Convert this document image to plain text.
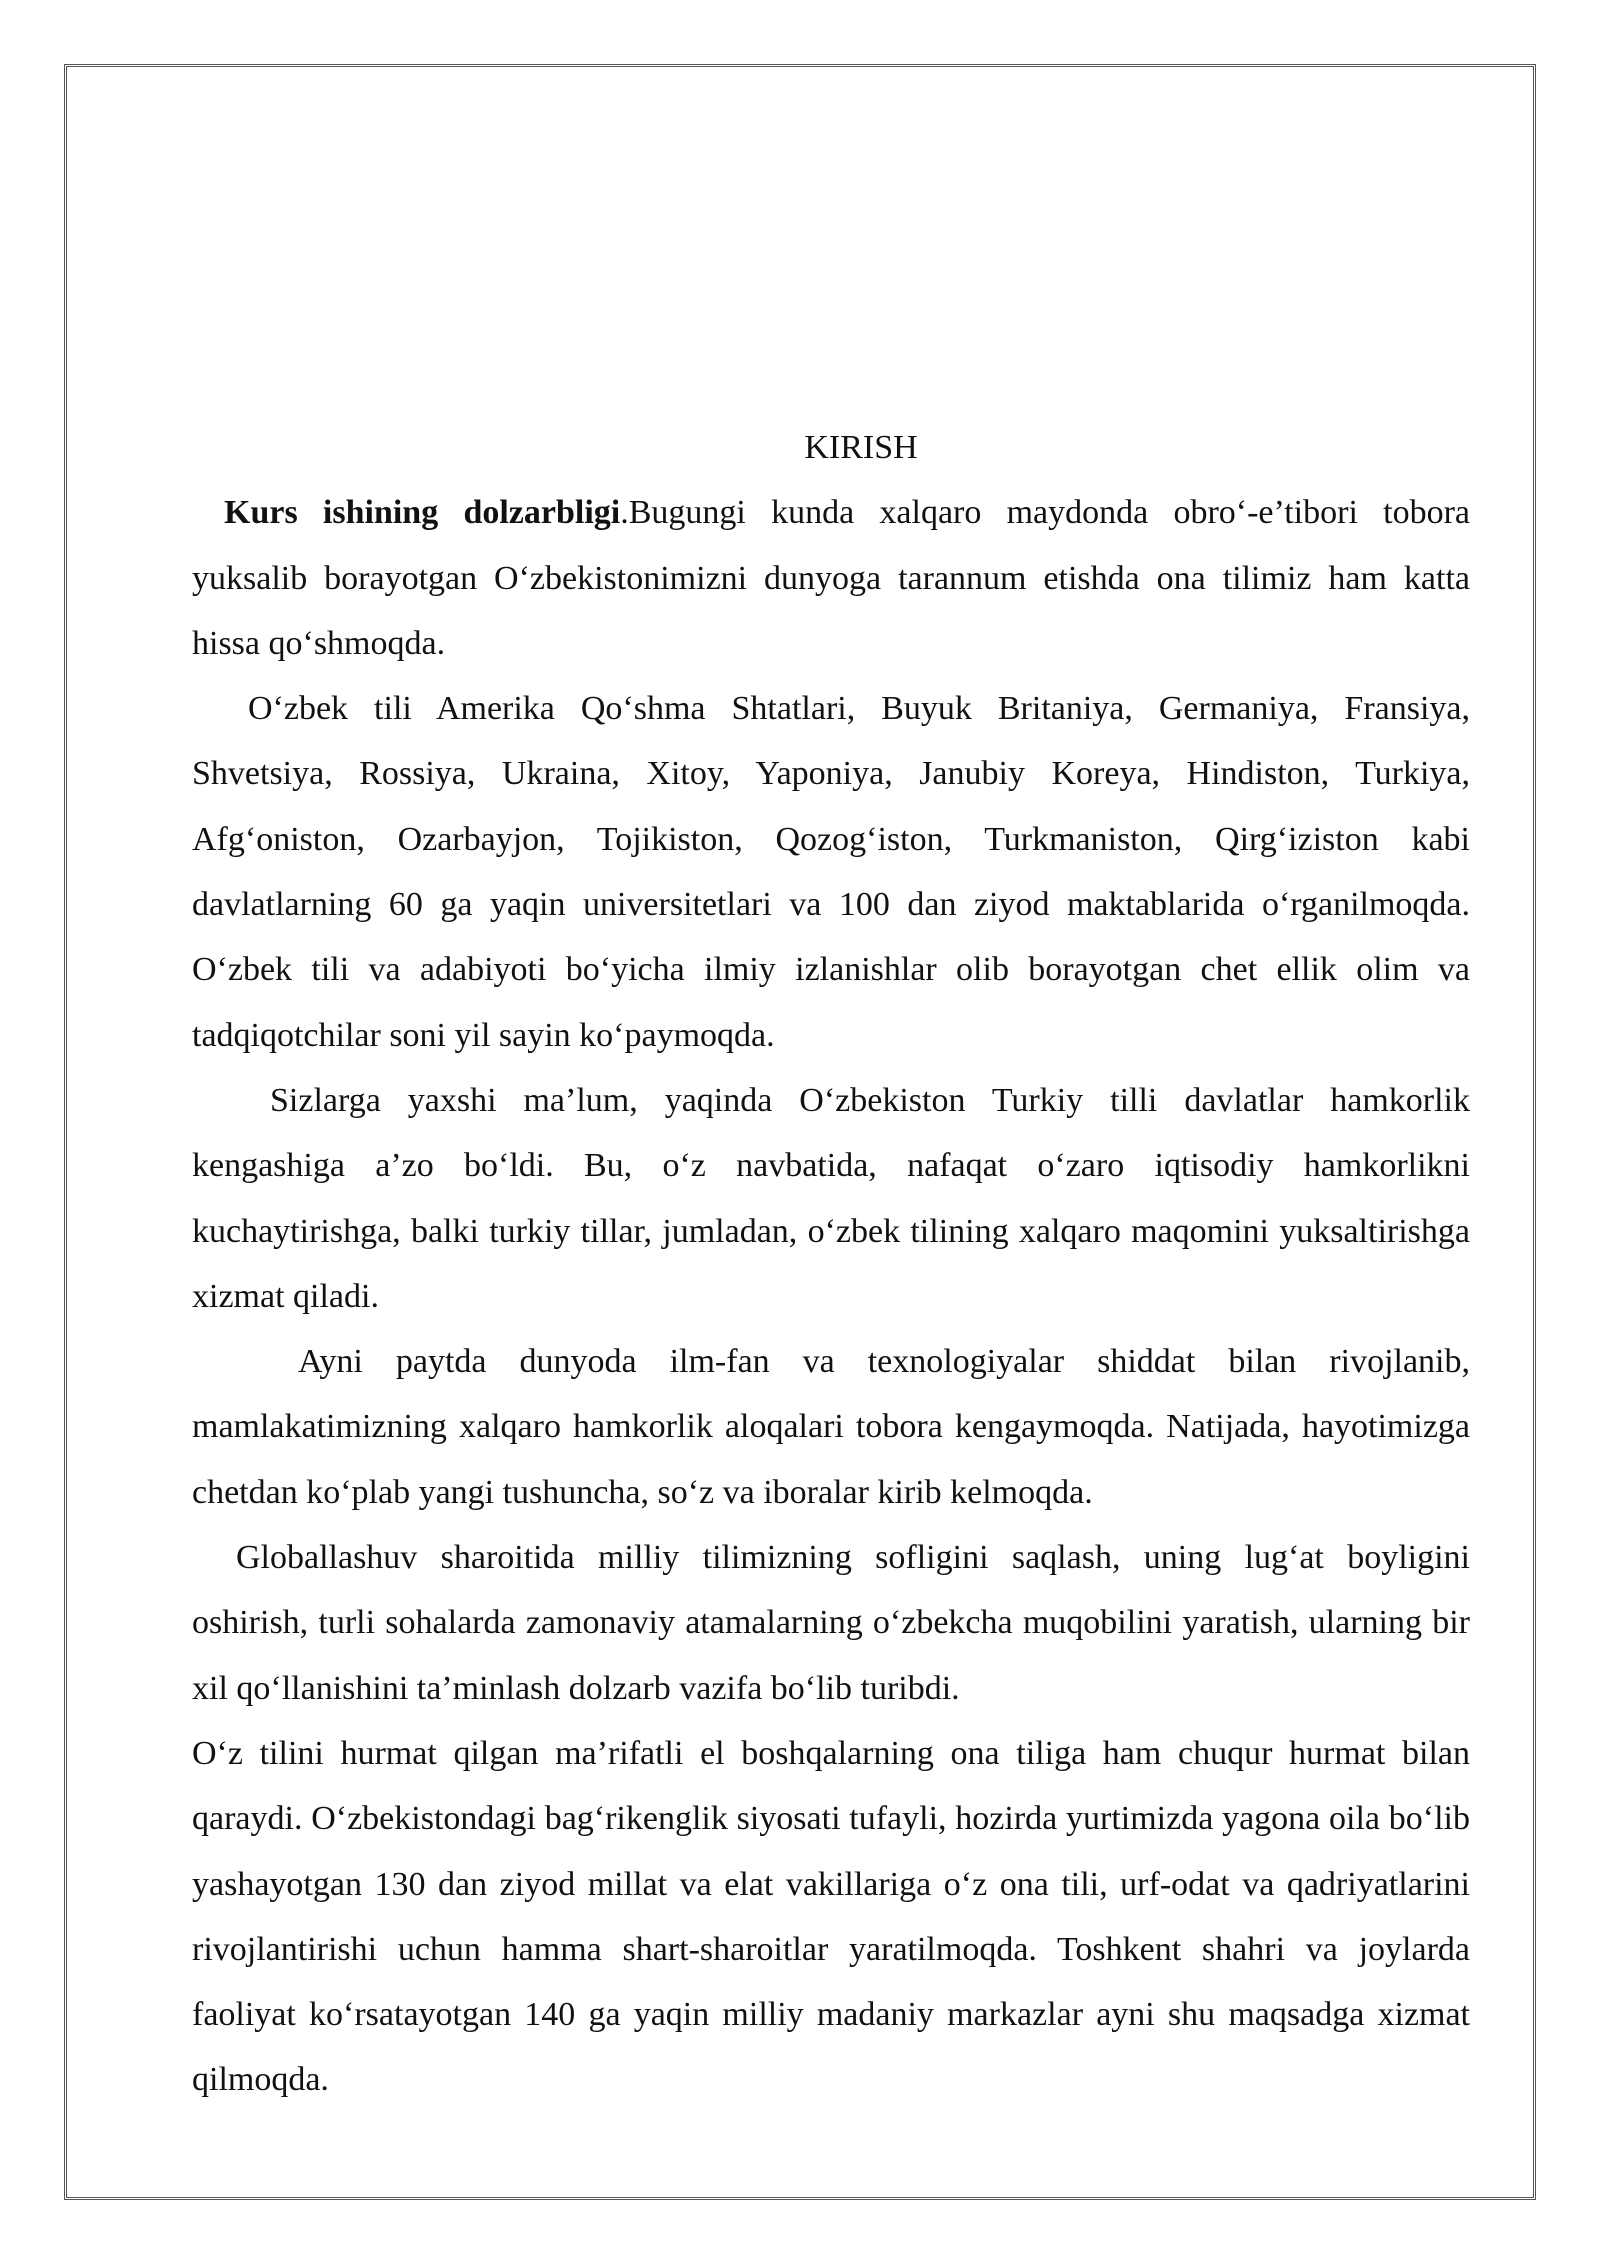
KIRISH

Kurs ishining dolzarbligi.Bugungi kunda xalqaro maydonda obro‘-e’tibori tobora yuksalib borayotgan O‘zbekistonimizni dunyoga tarannum etishda ona tilimiz ham katta hissa qo‘shmoqda.

O‘zbek tili Amerika Qo‘shma Shtatlari, Buyuk Britaniya, Germaniya, Fransiya, Shvetsiya, Rossiya, Ukraina, Xitoy, Yaponiya, Janubiy Koreya, Hindiston, Turkiya, Afg‘oniston, Ozarbayjon, Tojikiston, Qozog‘iston, Turkmaniston, Qirg‘iziston kabi davlatlarning 60 ga yaqin universitetlari va 100 dan ziyod maktablarida o‘rganilmoqda. O‘zbek tili va adabiyoti bo‘yicha ilmiy izlanishlar olib borayotgan chet ellik olim va tadqiqotchilar soni yil sayin ko‘paymoqda.

Sizlarga yaxshi ma’lum, yaqinda O‘zbekiston Turkiy tilli davlatlar hamkorlik kengashiga a’zo bo‘ldi. Bu, o‘z navbatida, nafaqat o‘zaro iqtisodiy hamkorlikni kuchaytirishga, balki turkiy tillar, jumladan, o‘zbek tilining xalqaro maqomini yuksaltirishga xizmat qiladi.

Ayni paytda dunyoda ilm-fan va texnologiyalar shiddat bilan rivojlanib, mamlakatimizning xalqaro hamkorlik aloqalari tobora kengaymoqda. Natijada, hayotimizga chetdan ko‘plab yangi tushuncha, so‘z va iboralar kirib kelmoqda.

Globallashuv sharoitida milliy tilimizning sofligini saqlash, uning lug‘at boyligini oshirish, turli sohalarda zamonaviy atamalarning o‘zbekcha muqobilini yaratish, ularning bir xil qo‘llanishini ta’minlash dolzarb vazifa bo‘lib turibdi.

O‘z tilini hurmat qilgan ma’rifatli el boshqalarning ona tiliga ham chuqur hurmat bilan qaraydi. O‘zbekistondagi bag‘rikenglik siyosati tufayli, hozirda yurtimizda yagona oila bo‘lib yashayotgan 130 dan ziyod millat va elat vakillariga o‘z ona tili, urf-odat va qadriyatlarini rivojlantirishi uchun hamma shart-sharoitlar yaratilmoqda. Toshkent shahri va joylarda faoliyat ko‘rsatayotgan 140 ga yaqin milliy madaniy markazlar ayni shu maqsadga xizmat qilmoqda.
